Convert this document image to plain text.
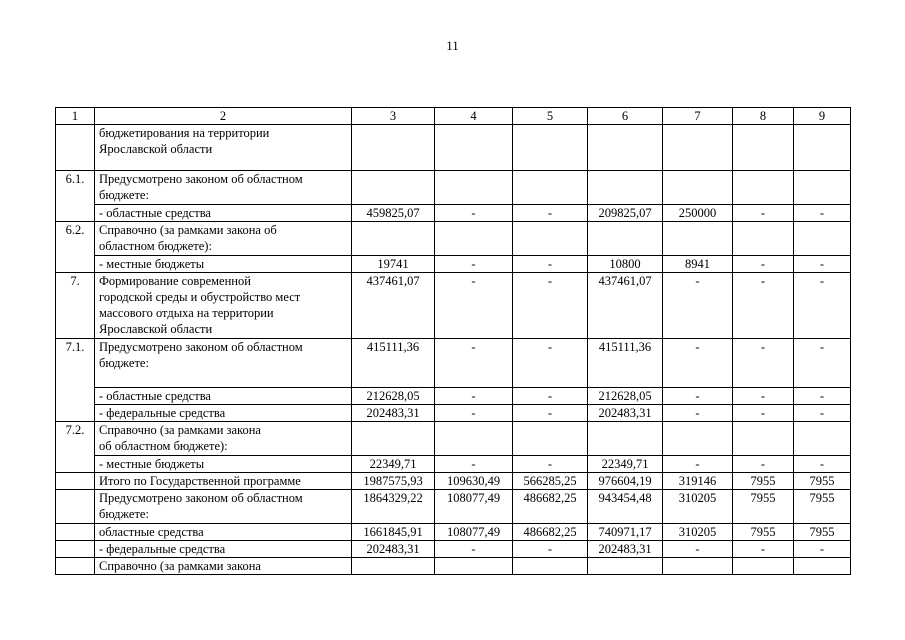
11
1	2	3	4	5	6	7	8	9
	бюджетирования на территории
Ярославской области							
6.1.	Предусмотрено законом об областном
бюджете:							
	- областные средства	459825,07	-	-	209825,07	250000	-	-
6.2.	Справочно (за рамками закона об
областном бюджете):							
	- местные бюджеты	19741	-	-	10800	8941	-	-
7.	Формирование современной
городской среды и обустройство мест
массового отдыха на территории
Ярославской области	437461,07	-	-	437461,07	-	-	-
7.1.	Предусмотрено законом об областном
бюджете:	415111,36	-	-	415111,36	-	-	-
	- областные средства	212628,05	-	-	212628,05	-	-	-
	- федеральные средства	202483,31	-	-	202483,31	-	-	-
7.2.	Справочно (за рамками закона
об областном бюджете):							
	- местные бюджеты	22349,71	-	-	22349,71	-	-	-
	Итого по Государственной программе	1987575,93	109630,49	566285,25	976604,19	319146	7955	7955
	Предусмотрено законом об областном
бюджете:	1864329,22	108077,49	486682,25	943454,48	310205	7955	7955
	областные средства	1661845,91	108077,49	486682,25	740971,17	310205	7955	7955
	- федеральные средства	202483,31	-	-	202483,31	-	-	-
	Справочно (за рамками закона							
